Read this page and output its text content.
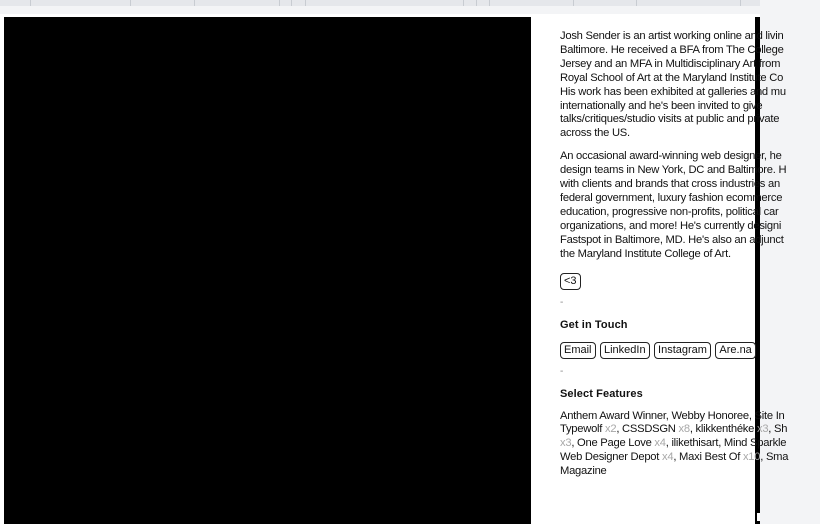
Josh Sender is an artist working online and livin
Baltimore. He received a BFA from The College
Jersey and an MFA in Multidisciplinary Art from
Royal School of Art at the Maryland Institute Co
His work has been exhibited at galleries and mu
internationally and he's been invited to give
talks/critiques/studio visits at public and private
across the US.
An occasional award-winning web designer, he
design teams in New York, DC and Baltimore. H
with clients and brands that cross industries an
federal government, luxury fashion ecommerce
education, progressive non-profits, political car
organizations, and more! He's currently designi
Fastspot in Baltimore, MD. He's also an adjunct
the Maryland Institute College of Art.
<3
-
Get in Touch
Email LinkedIn Instagram Are.na
-
Select Features
Anthem Award Winner, Webby Honoree, Site In
Typewolf x2, CSSDSGN x8, klikkenthéke x3, Sh
x3, One Page Love x4, ilikethisart, Mind Sparkle
Web Designer Depot x4, Maxi Best Of x10, Sma
Magazine
